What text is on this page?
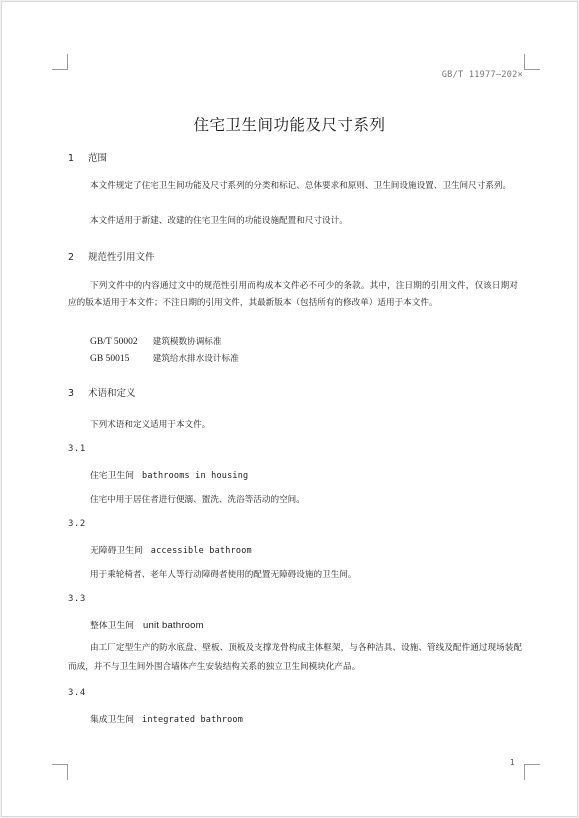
GB/T 11977—202×
住宅卫生间功能及尺寸系列
1 范围

本文件规定了住宅卫生间功能及尺寸系列的分类和标记、总体要求和原则、卫生间设施设置、卫生间尺寸系列。

本文件适用于新建、改建的住宅卫生间的功能设施配置和尺寸设计。

2 规范性引用文件

下列文件中的内容通过文中的规范性引用而构成本文件必不可少的条款。其中，注日期的引用文件，仅该日期对应的版本适用于本文件；不注日期的引用文件，其最新版本（包括所有的修改单）适用于本文件。

GB/T 50002 建筑模数协调标准
GB 50015	建筑给水排水设计标准
3 术语和定义
下列术语和定义适用于本文件。
3.1
住宅卫生间 bathrooms in housing
住宅中用于居住者进行便溺、盥洗、洗浴等活动的空间。
3.2
无障碍卫生间 accessible bathroom
用于乘轮椅者、老年人等行动障碍者使用的配置无障碍设施的卫生间。
3.3
整体卫生间 unit bathroom

由工厂定型生产的防水底盘、壁板、顶板及支撑龙骨构成主体框架，与各种洁具、设施、管线及配件通过现场装配而成，并不与卫生间外围合墙体产生安装结构关系的独立卫生间模块化产品。

3.4
集成卫生间 integrated bathroom
1
